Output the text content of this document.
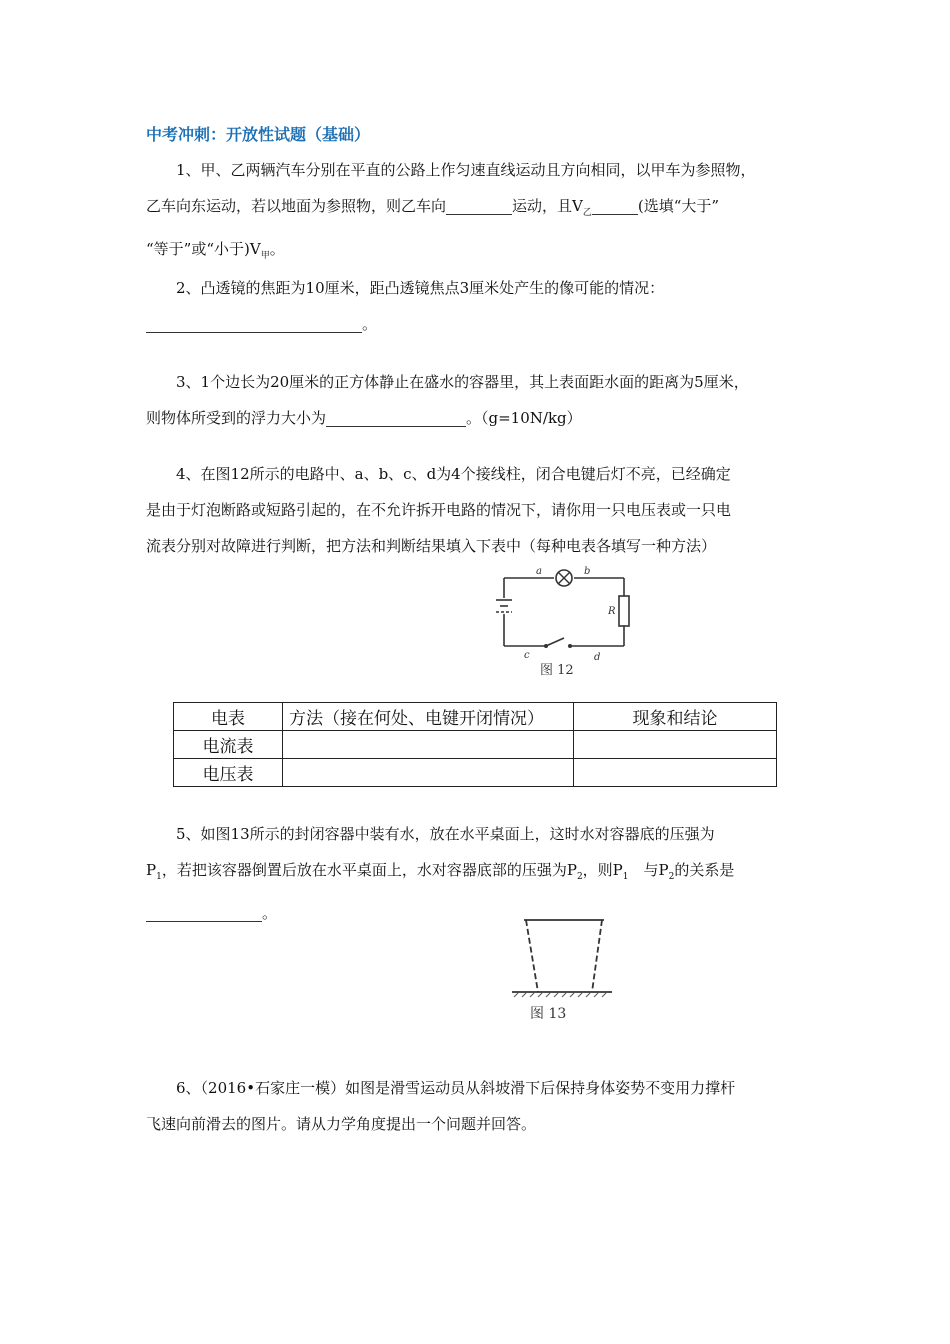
中考冲刺：开放性试题（基础）

1、甲、乙两辆汽车分别在平直的公路上作匀速直线运动且方向相同，以甲车为参照物，

乙车向东运动，若以地面为参照物，则乙车向	运动，且$V_乙$	(选填“大于”

“等于”或“小于)$V_甲$。

2、凸透镜的焦距为10厘米，距凸透镜焦点3厘米处产生的像可能的情况：

。

3、1个边长为20厘米的正方体静止在盛水的容器里，其上表面距水面的距离为5厘米，

则物体所受到的浮力大小为	。（g=10N/kg）

4、在图12所示的电路中、a、b、c、d为4个接线柱，闭合电键后灯不亮，已经确定

是由于灯泡断路或短路引起的，在不允许拆开电路的情况下，请你用一只电压表或一只电

流表分别对故障进行判断，把方法和判断结果填入下表中（每种电表各填写一种方法）

R
a	b
c	d
图 12
电表	方法（接在何处、电键开闭情况）	现象和结论
电流表		
电压表		

5、如图13所示的封闭容器中装有水，放在水平桌面上，这时水对容器底的压强为

$P_1$，若把该容器倒置后放在水平桌面上，水对容器底部的压强为$P_2$，则$P_1$　与$P_2$的关系是

。

图 13

6、（2016•石家庄一模）如图是滑雪运动员从斜坡滑下后保持身体姿势不变用力撑杆

飞速向前滑去的图片。请从力学角度提出一个问题并回答。
